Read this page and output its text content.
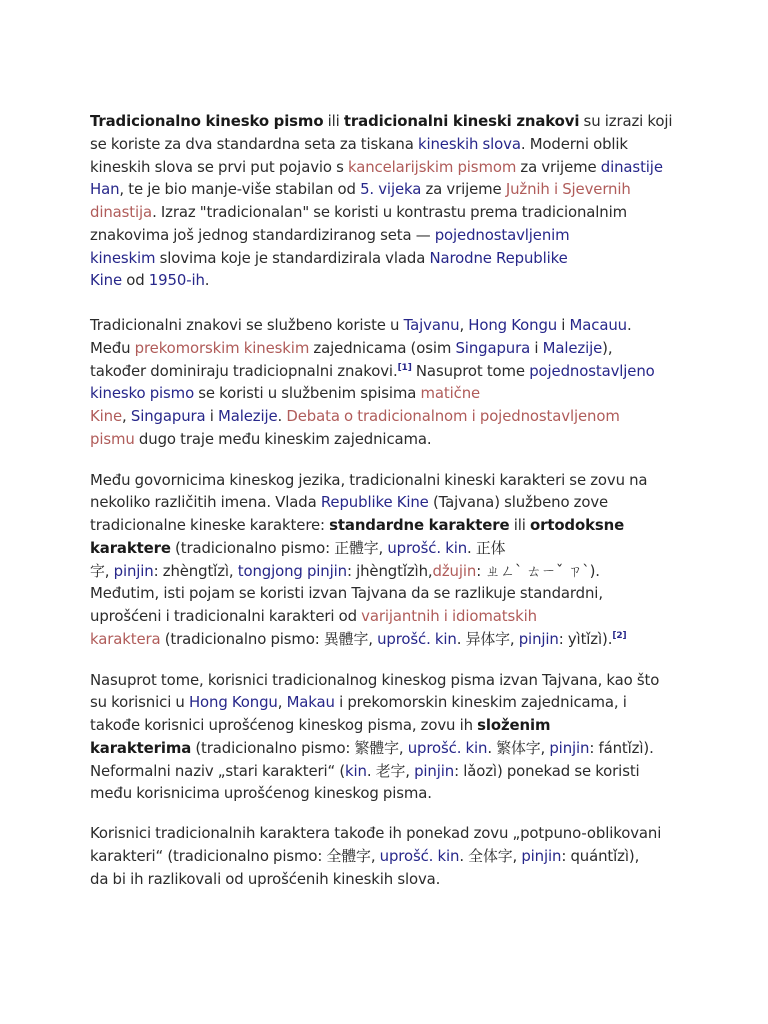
Tradicionalno kinesko pismo ili tradicionalni kineski znakovi su izrazi koji
se koriste za dva standardna seta za tiskana kineskih slova. Moderni oblik
kineskih slova se prvi put pojavio s kancelarijskim pismom za vrijeme dinastije
Han, te je bio manje-više stabilan od 5. vijeka za vrijeme Južnih i Sjevernih
dinastija. Izraz "tradicionalan" se koristi u kontrastu prema tradicionalnim
znakovima još jednog standardiziranog seta — pojednostavljenim
kineskim slovima koje je standardizirala vlada Narodne Republike
Kine od 1950-ih.

Tradicionalni znakovi se službeno koriste u Tajvanu, Hong Kongu i Macauu.
Među prekomorskim kineskim zajednicama (osim Singapura i Malezije),
također dominiraju tradiciopnalni znakovi.[1] Nasuprot tome pojednostavljeno
kinesko pismo se koristi u službenim spisima matične
Kine, Singapura i Malezije. Debata o tradicionalnom i pojednostavljenom
pismu dugo traje među kineskim zajednicama.

Među govornicima kineskog jezika, tradicionalni kineski karakteri se zovu na
nekoliko različitih imena. Vlada Republike Kine (Tajvana) službeno zove
tradicionalne kineske karaktere: standardne karaktere ili ortodoksne
karaktere (tradicionalno pismo: 正體字, uprošć. kin. 正体
字, pinjin: zhèngtǐzì, tongjong pinjin: jhèngtǐzìh,džujin: ㄓㄥˋ ㄊㄧˇ ㄗˋ).
Međutim, isti pojam se koristi izvan Tajvana da se razlikuje standardni,
uprošćeni i tradicionalni karakteri od varijantnih i idiomatskih
karaktera (tradicionalno pismo: 異體字, uprošć. kin. 异体字, pinjin: yìtǐzì).[2]

Nasuprot tome, korisnici tradicionalnog kineskog pisma izvan Tajvana, kao što
su korisnici u Hong Kongu, Makau i prekomorskin kineskim zajednicama, i
takođe korisnici uprošćenog kineskog pisma, zovu ih složenim
karakterima (tradicionalno pismo: 繁體字, uprošć. kin. 繁体字, pinjin: fántǐzì).
Neformalni naziv „stari karakteri“ (kin. 老字, pinjin: lǎozì) ponekad se koristi
među korisnicima uprošćenog kineskog pisma.

Korisnici tradicionalnih karaktera takođe ih ponekad zovu „potpuno-oblikovani
karakteri“ (tradicionalno pismo: 全體字, uprošć. kin. 全体字, pinjin: quántǐzì),
da bi ih razlikovali od uprošćenih kineskih slova.
